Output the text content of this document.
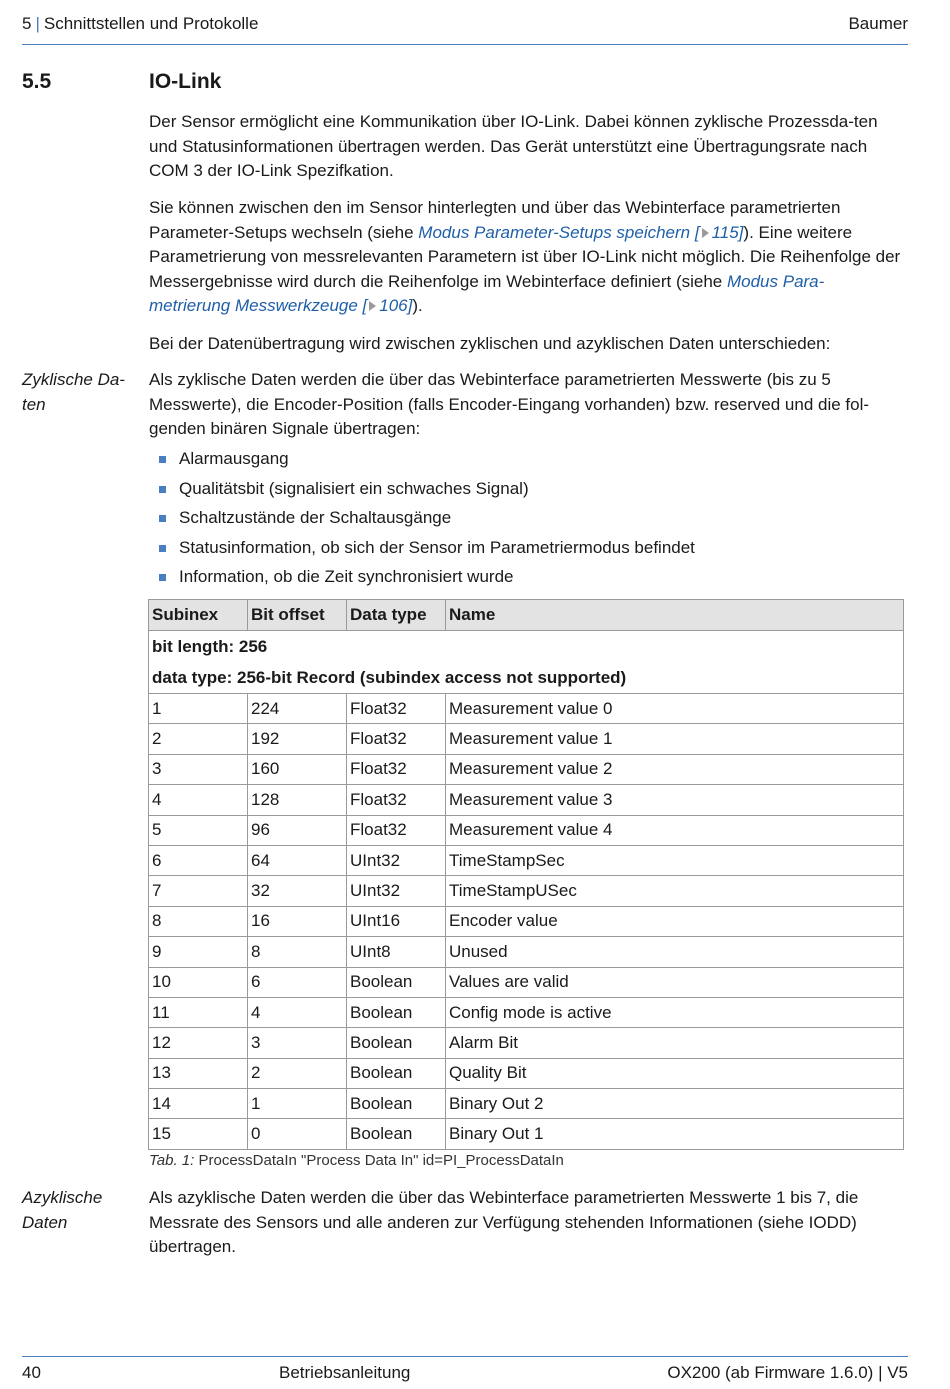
5 | Schnittstellen und Protokolle	Baumer
5.5	IO-Link

Der Sensor ermöglicht eine Kommunikation über IO-Link. Dabei können zyklische Prozessda-ten und Statusinformationen übertragen werden. Das Gerät unterstützt eine Übertragungsrate nach COM 3 der IO-Link Spezifkation.

Sie können zwischen den im Sensor hinterlegten und über das Webinterface parametrierten Parameter-Setups wechseln (siehe Modus Parameter-Setups speichern [ 115]). Eine weitere Parametrierung von messrelevanten Parametern ist über IO-Link nicht möglich. Die Reihenfolge der Messergebnisse wird durch die Reihenfolge im Webinterface definiert (siehe Modus Para-metrierung Messwerkzeuge [ 106]).

Bei der Datenübertragung wird zwischen zyklischen und azyklischen Daten unterschieden:
Zyklische Da-ten
Als zyklische Daten werden die über das Webinterface parametrierten Messwerte (bis zu 5 Messwerte), die Encoder-Position (falls Encoder-Eingang vorhanden) bzw. reserved und die fol-genden binären Signale übertragen:
Alarmausgang
Qualitätsbit (signalisiert ein schwaches Signal)
Schaltzustände der Schaltausgänge
Statusinformation, ob sich der Sensor im Parametriermodus befindet
Information, ob die Zeit synchronisiert wurde
Subinex	Bit offset	Data type	Name
bit length: 256			
data type: 256-bit Record (subindex access not supported)			
1	224	Float32	Measurement value 0
2	192	Float32	Measurement value 1
3	160	Float32	Measurement value 2
4	128	Float32	Measurement value 3
5	96	Float32	Measurement value 4
6	64	UInt32	TimeStampSec
7	32	UInt32	TimeStampUSec
8	16	UInt16	Encoder value
9	8	UInt8	Unused
10	6	Boolean	Values are valid
11	4	Boolean	Config mode is active
12	3	Boolean	Alarm Bit
13	2	Boolean	Quality Bit
14	1	Boolean	Binary Out 2
15	0	Boolean	Binary Out 1
Tab. 1: ProcessDataIn "Process Data In" id=PI_ProcessDataIn
Azyklische Daten
Als azyklische Daten werden die über das Webinterface parametrierten Messwerte 1 bis 7, die Messrate des Sensors und alle anderen zur Verfügung stehenden Informationen (siehe IODD) übertragen.
40	Betriebsanleitung	OX200 (ab Firmware 1.6.0) | V5
